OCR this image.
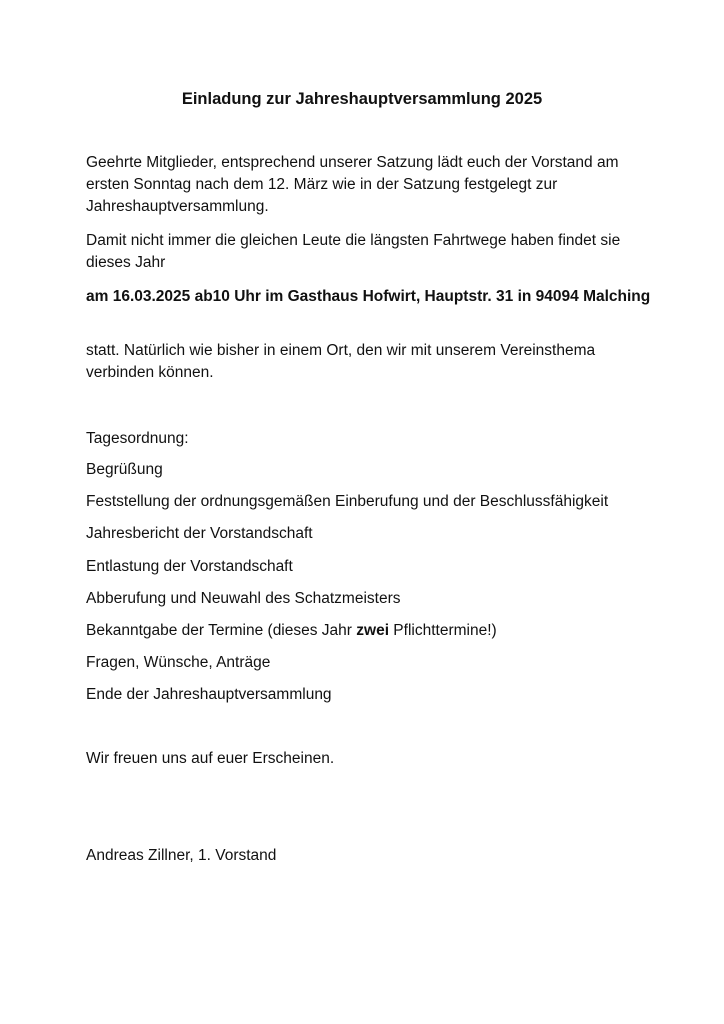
Einladung zur Jahreshauptversammlung 2025

Geehrte Mitglieder, entsprechend unserer Satzung lädt euch der Vorstand am ersten Sonntag nach dem 12. März wie in der Satzung festgelegt zur Jahreshauptversammlung.

Damit nicht immer die gleichen Leute die längsten Fahrtwege haben findet sie dieses Jahr

am 16.03.2025 ab10 Uhr im Gasthaus Hofwirt, Hauptstr. 31 in 94094 Malching

statt. Natürlich wie bisher in einem Ort, den wir mit unserem Vereinsthema verbinden können.

Tagesordnung:

Begrüßung
Feststellung der ordnungsgemäßen Einberufung und der Beschlussfähigkeit
Jahresbericht der Vorstandschaft
Entlastung der Vorstandschaft
Abberufung und Neuwahl des Schatzmeisters
Bekanntgabe der Termine (dieses Jahr zwei Pflichttermine!)
Fragen, Wünsche, Anträge
Ende der Jahreshauptversammlung

Wir freuen uns auf euer Erscheinen.

Andreas Zillner, 1. Vorstand
